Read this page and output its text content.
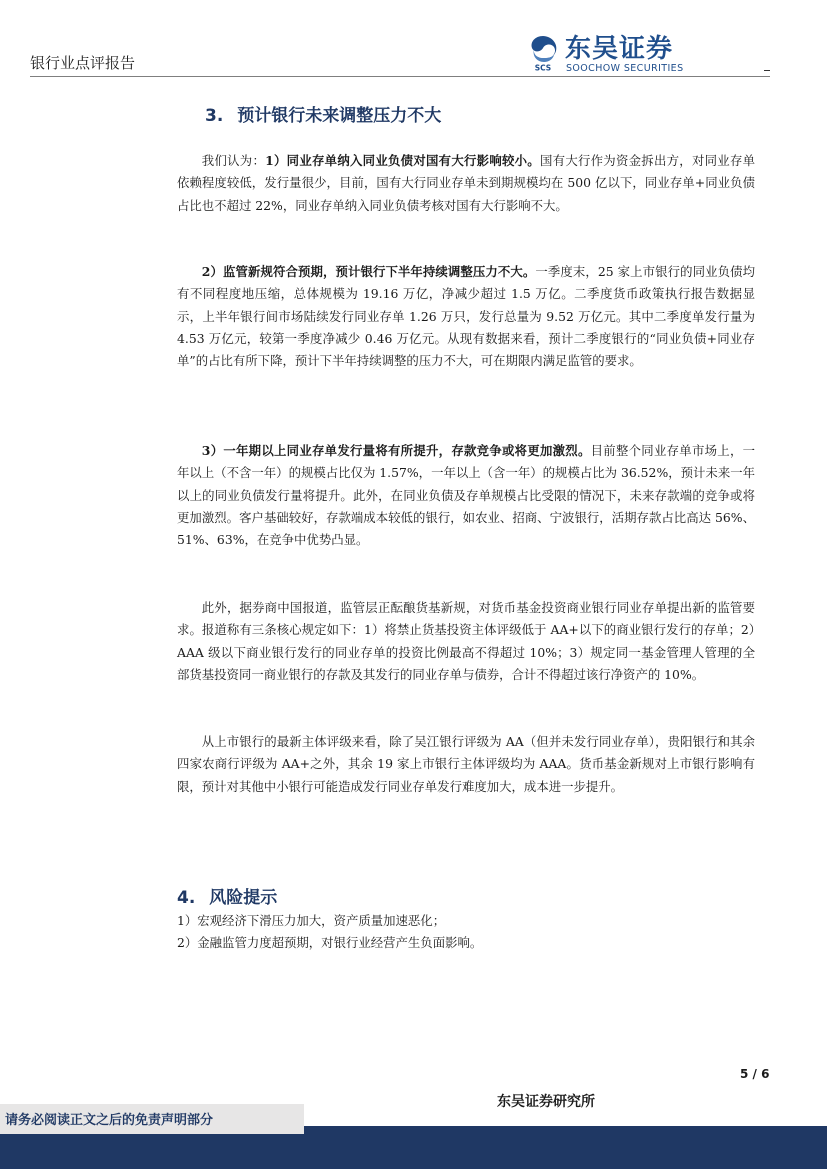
银行业点评报告	SCS
东吴证券
SOOCHOW SECURITIES
3. 预计银行未来调整压力不大
我们认为：1）同业存单纳入同业负债对国有大行影响较小。国有大行作为资金拆出方，对同业存单依赖程度较低，发行量很少，目前，国有大行同业存单未到期规模均在 500 亿以下，同业存单+同业负债占比也不超过 22%，同业存单纳入同业负债考核对国有大行影响不大。
2）监管新规符合预期，预计银行下半年持续调整压力不大。一季度末，25 家上市银行的同业负债均有不同程度地压缩，总体规模为 19.16 万亿，净减少超过 1.5 万亿。二季度货币政策执行报告数据显示，上半年银行间市场陆续发行同业存单 1.26 万只，发行总量为 9.52 万亿元。其中二季度单发行量为 4.53 万亿元，较第一季度净减少 0.46 万亿元。从现有数据来看，预计二季度银行的“同业负债+同业存单”的占比有所下降，预计下半年持续调整的压力不大，可在期限内满足监管的要求。
3）一年期以上同业存单发行量将有所提升，存款竞争或将更加激烈。目前整个同业存单市场上，一年以上（不含一年）的规模占比仅为 1.57%，一年以上（含一年）的规模占比为 36.52%，预计未来一年以上的同业负债发行量将提升。此外，在同业负债及存单规模占比受限的情况下，未来存款端的竞争或将更加激烈。客户基础较好，存款端成本较低的银行，如农业、招商、宁波银行，活期存款占比高达 56%、51%、63%，在竞争中优势凸显。
此外，据券商中国报道，监管层正酝酿货基新规，对货币基金投资商业银行同业存单提出新的监管要求。报道称有三条核心规定如下：1）将禁止货基投资主体评级低于 AA+以下的商业银行发行的存单；2）AAA 级以下商业银行发行的同业存单的投资比例最高不得超过 10%；3）规定同一基金管理人管理的全部货基投资同一商业银行的存款及其发行的同业存单与债券，合计不得超过该行净资产的 10%。
从上市银行的最新主体评级来看，除了吴江银行评级为 AA（但并未发行同业存单），贵阳银行和其余四家农商行评级为 AA+之外，其余 19 家上市银行主体评级均为 AAA。货币基金新规对上市银行影响有限，预计对其他中小银行可能造成发行同业存单发行难度加大，成本进一步提升。
4. 风险提示
1）宏观经济下滑压力加大，资产质量加速恶化；
2）金融监管力度超预期，对银行业经营产生负面影响。
5 / 6
东吴证券研究所
请务必阅读正文之后的免责声明部分
